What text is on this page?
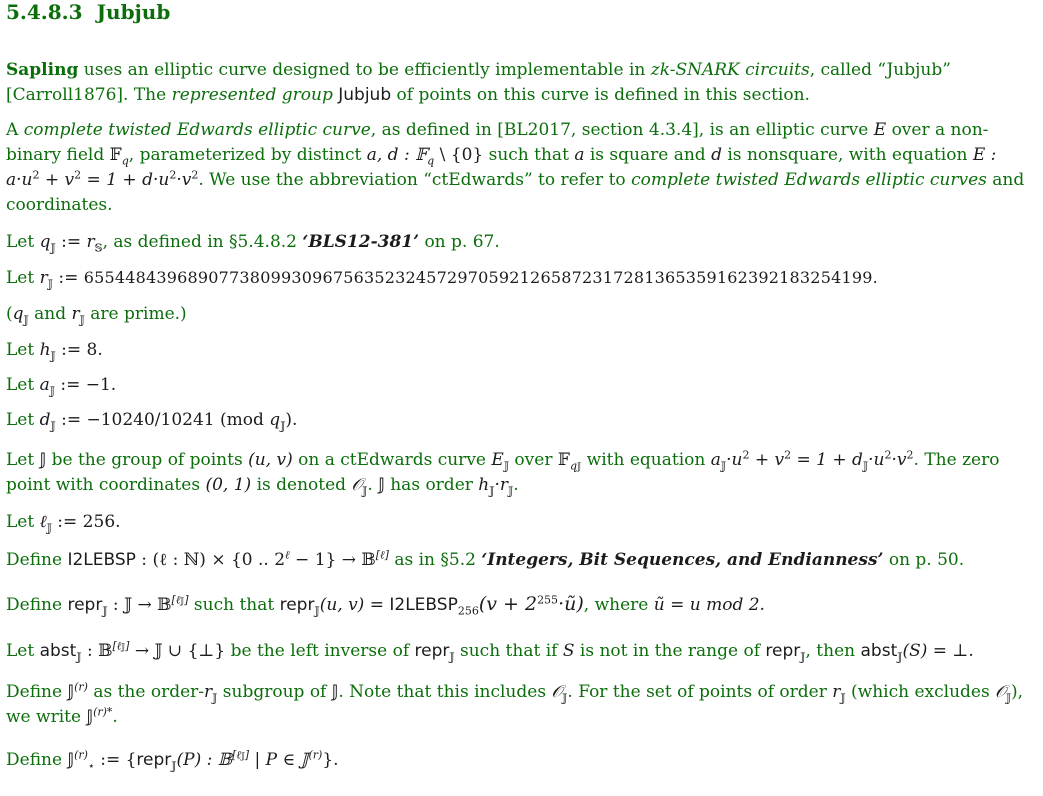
5.4.8.3 Jubjub
Sapling uses an elliptic curve designed to be efficiently implementable in zk-SNARK circuits, called “Jubjub” [Carroll1876]. The represented group Jubjub of points on this curve is defined in this section.
A complete twisted Edwards elliptic curve, as defined in [BL2017, section 4.3.4], is an elliptic curve E over a non-binary field 𝔽$_q$, parameterized by distinct a, d : 𝔽$_q$ \ {0} such that a is square and d is nonsquare, with equation E : $a\cdot u^2 + v^2 = 1 + d\cdot u^2\cdot v^2$. We use the abbreviation “ctEdwards” to refer to complete twisted Edwards elliptic curves and coordinates.
Let $q_𝕁$ := $r_𝕊$, as defined in §5.4.8.2 ‘BLS12-381’ on p. 67.
Let $r_𝕁$ := 6554484396890773809930967563523245729705921265872317281365359162392183254199.
($q_𝕁$ and $r_𝕁$ are prime.)
Let $h_𝕁$ := 8.
Let $a_𝕁$ := −1.
Let $d_𝕁$ := −10240/10241 (mod $q_𝕁$).
Let 𝕁 be the group of points (u, v) on a ctEdwards curve $E_𝕁$ over 𝔽$_{q𝕁}$ with equation $a_𝕁\cdot u^2 + v^2 = 1 + d_𝕁\cdot u^2\cdot v^2$. The zero point with coordinates (0, 1) is denoted 𝒪$_𝕁$. 𝕁 has order $h_𝕁\cdot r_𝕁$.
Let ℓ$_𝕁$ := 256.
Define I2LEBSP : (ℓ : ℕ) × {0 .. $2^\ell - 1$} → 𝔹[ℓ] as in §5.2 ‘Integers, Bit Sequences, and Endianness’ on p. 50.
Define repr$_𝕁$ : 𝕁 → 𝔹[ℓ𝕁] such that repr$_𝕁$(u, $v) = I2LEBSP_{256}(v$ + $2^{255}\cdot ũ$), where ũ = u mod 2.
Let abst$_𝕁$ : 𝔹[ℓ𝕁] → 𝕁 ∪ {⊥} be the left inverse of repr$_𝕁$ such that if S is not in the range of repr$_𝕁$, then abst$_𝕁$(S) = ⊥.
Define 𝕁$^{(r)}$ as the order-$r_𝕁$ subgroup of 𝕁. Note that this includes 𝒪$_𝕁$. For the set of points of order $r_𝕁$ (which excludes 𝒪$_𝕁$), we write 𝕁$^{(r)*}$.
Define 𝕁$^{(r)}_⋆$ := {repr$_𝕁$(P) : 𝔹[ℓ𝕁] | P ∈ 𝕁$^{(r)}$}.
